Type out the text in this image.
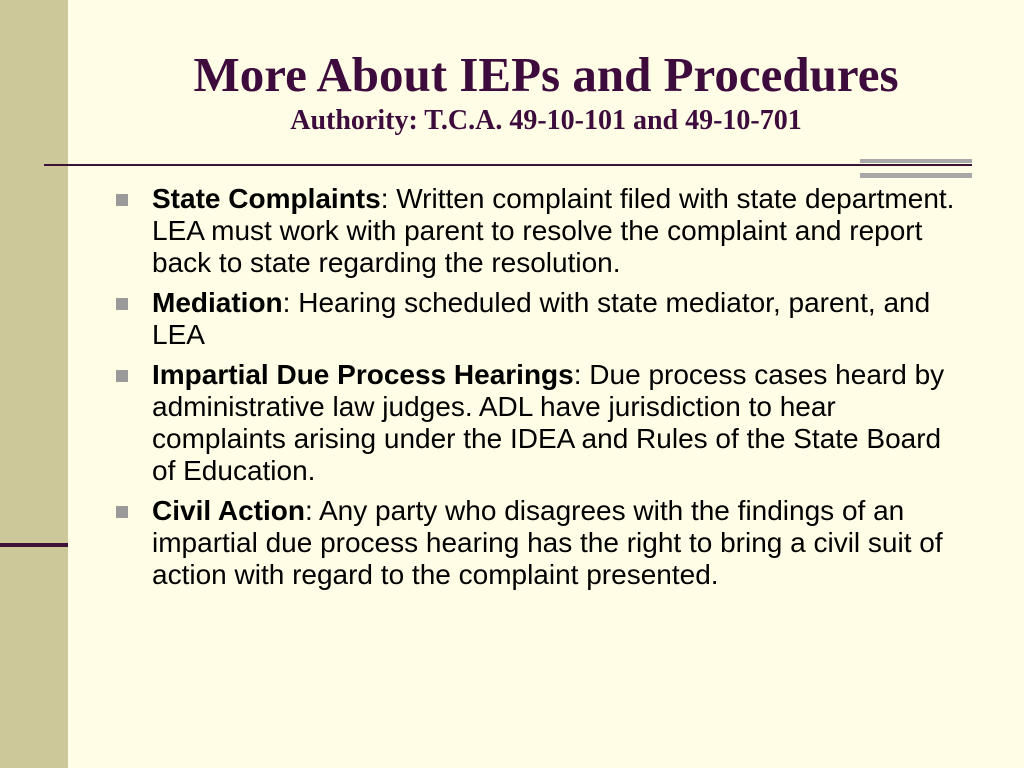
More About IEPs and Procedures
Authority: T.C.A. 49-10-101 and 49-10-701
State Complaints: Written complaint filed with state department. LEA must work with parent to resolve the complaint and report back to state regarding the resolution.
Mediation: Hearing scheduled with state mediator, parent, and LEA
Impartial Due Process Hearings: Due process cases heard by administrative law judges. ADL have jurisdiction to hear complaints arising under the IDEA and Rules of the State Board of Education.
Civil Action: Any party who disagrees with the findings of an impartial due process hearing has the right to bring a civil suit of action with regard to the complaint presented.
